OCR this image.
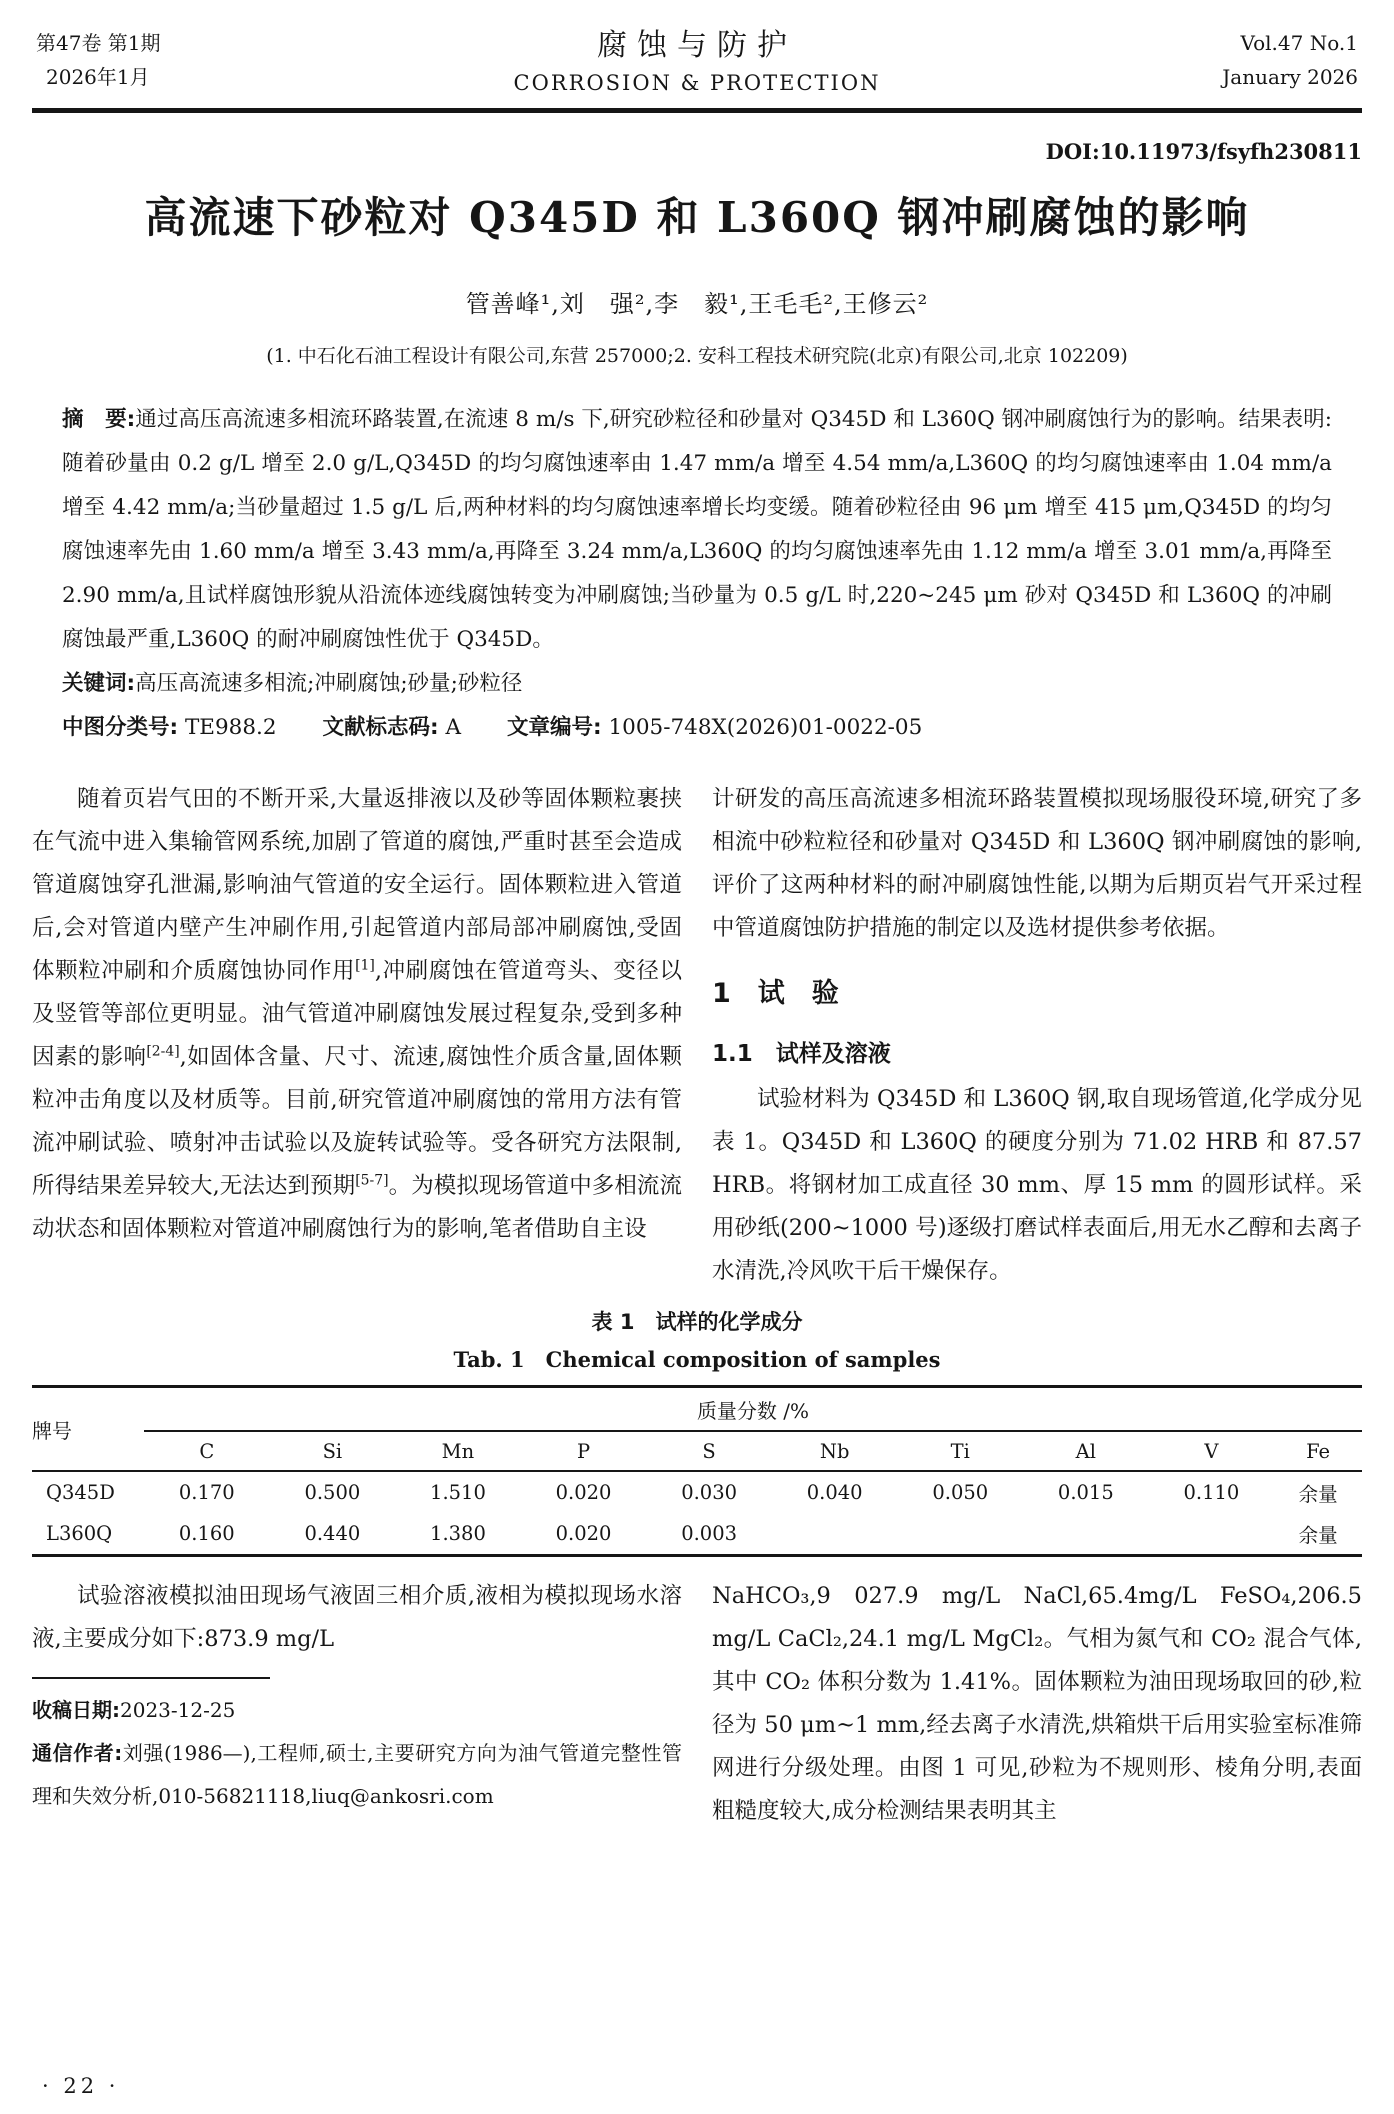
第47卷 第1期
2026年1月
腐蚀与防护
CORROSION & PROTECTION
Vol.47 No.1
January 2026
DOI:10.11973/fsyfh230811
高流速下砂粒对 Q345D 和 L360Q 钢冲刷腐蚀的影响
管善峰¹,刘　强²,李　毅¹,王毛毛²,王修云²
(1. 中石化石油工程设计有限公司,东营 257000;2. 安科工程技术研究院(北京)有限公司,北京 102209)

摘　要:通过高压高流速多相流环路装置,在流速 8 m/s 下,研究砂粒径和砂量对 Q345D 和 L360Q 钢冲刷腐蚀行为的影响。结果表明:随着砂量由 0.2 g/L 增至 2.0 g/L,Q345D 的均匀腐蚀速率由 1.47 mm/a 增至 4.54 mm/a,L360Q 的均匀腐蚀速率由 1.04 mm/a 增至 4.42 mm/a;当砂量超过 1.5 g/L 后,两种材料的均匀腐蚀速率增长均变缓。随着砂粒径由 96 μm 增至 415 μm,Q345D 的均匀腐蚀速率先由 1.60 mm/a 增至 3.43 mm/a,再降至 3.24 mm/a,L360Q 的均匀腐蚀速率先由 1.12 mm/a 增至 3.01 mm/a,再降至 2.90 mm/a,且试样腐蚀形貌从沿流体迹线腐蚀转变为冲刷腐蚀;当砂量为 0.5 g/L 时,220~245 μm 砂对 Q345D 和 L360Q 的冲刷腐蚀最严重,L360Q 的耐冲刷腐蚀性优于 Q345D。

关键词:高压高流速多相流;冲刷腐蚀;砂量;砂粒径

中图分类号: TE988.2 文献标志码: A 文章编号: 1005-748X(2026)01-0022-05

随着页岩气田的不断开采,大量返排液以及砂等固体颗粒裹挟在气流中进入集输管网系统,加剧了管道的腐蚀,严重时甚至会造成管道腐蚀穿孔泄漏,影响油气管道的安全运行。固体颗粒进入管道后,会对管道内壁产生冲刷作用,引起管道内部局部冲刷腐蚀,受固体颗粒冲刷和介质腐蚀协同作用[1],冲刷腐蚀在管道弯头、变径以及竖管等部位更明显。油气管道冲刷腐蚀发展过程复杂,受到多种因素的影响[2-4],如固体含量、尺寸、流速,腐蚀性介质含量,固体颗粒冲击角度以及材质等。目前,研究管道冲刷腐蚀的常用方法有管流冲刷试验、喷射冲击试验以及旋转试验等。受各研究方法限制,所得结果差异较大,无法达到预期[5-7]。为模拟现场管道中多相流流动状态和固体颗粒对管道冲刷腐蚀行为的影响,笔者借助自主设

计研发的高压高流速多相流环路装置模拟现场服役环境,研究了多相流中砂粒粒径和砂量对 Q345D 和 L360Q 钢冲刷腐蚀的影响,评价了这两种材料的耐冲刷腐蚀性能,以期为后期页岩气开采过程中管道腐蚀防护措施的制定以及选材提供参考依据。

1　试　验
1.1　试样及溶液

试验材料为 Q345D 和 L360Q 钢,取自现场管道,化学成分见表 1。Q345D 和 L360Q 的硬度分别为 71.02 HRB 和 87.57 HRB。将钢材加工成直径 30 mm、厚 15 mm 的圆形试样。采用砂纸(200~1000 号)逐级打磨试样表面后,用无水乙醇和去离子水清洗,冷风吹干后干燥保存。

表 1　试样的化学成分
Tab. 1　Chemical composition of samples
牌号	质量分数 /%									
	C	Si	Mn	P	S	Nb	Ti	Al	V	Fe
Q345D	0.170	0.500	1.510	0.020	0.030	0.040	0.050	0.015	0.110	余量
L360Q	0.160	0.440	1.380	0.020	0.003					余量

试验溶液模拟油田现场气液固三相介质,液相为模拟现场水溶液,主要成分如下:873.9 mg/L

收稿日期:2023-12-25

通信作者:刘强(1986—),工程师,硕士,主要研究方向为油气管道完整性管理和失效分析,010-56821118,liuq@ankosri.com

NaHCO₃,9 027.9 mg/L NaCl,65.4mg/L FeSO₄,206.5 mg/L CaCl₂,24.1 mg/L MgCl₂。气相为氮气和 CO₂ 混合气体,其中 CO₂ 体积分数为 1.41%。固体颗粒为油田现场取回的砂,粒径为 50 μm~1 mm,经去离子水清洗,烘箱烘干后用实验室标准筛网进行分级处理。由图 1 可见,砂粒为不规则形、棱角分明,表面粗糙度较大,成分检测结果表明其主

· 22 ·
